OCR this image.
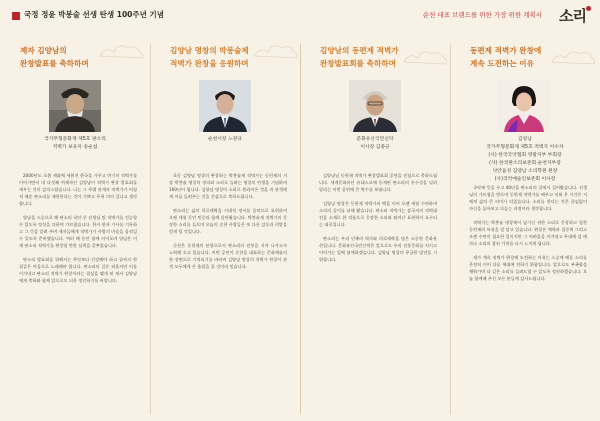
국정 정윤 박봉술 선생 탄생 100주년 기념	순천 대표 브랜드를 위한 가장 위한 계획서 소리
제자 김양남의
완창발표를 축하하며
국가무형문화재 제5호 판소리
적벽가 보유자 송순섭

2000년도 초봄 제화에 세워진 한국을 가꾸고 반기지 적벽가를 이어가면서 내 다섯째 여제자인 김양남이 적벽가 완창 발표회를 세우는 것이 감격스럽습니다. 나는 그 무렵 관계자 적벽가가 어릴 적 배운 판소리를 재현한다는 것이 기쁘고 무척 의미 깊다고 생각합니다.

양남을 스승으로 해 판소리 낙안 중 선생님 및 적벽가를 전승할 수 있도록 정성을 다하여 가르쳤습니다. 한자 한자 가사를 기록하고 그 뜻을 알려 주며 제자들에게 적벽가가 사람의 마음을 움직일 수 있도록 준비했습니다. 여러 해 동안 함께 이어오며 양남은 이제 판소리 적벽가를 완창할 만한 실력을 갖추었습니다.

판소리 발표회를 위해서는 무엇보다 건강해야 하고 끝까지 한결같은 마음으로 노래해야 합니다. 판소리의 길은 외롭지만 이를 이겨내고 판소리 적벽가 완창이라는 결실을 맺게 된 제자 김양남에게 축하와 함께 앞으로도 더욱 정진하기를 바랍니다.

김양남 명창의 박봉술제
적벽가 완창을 응원하며
순천시장 노관규

초동 김양남 명창의 완창하는 박봉술제 적벽가는 동편제의 거장 박봉술 명창의 정의와 소리로 들려는 명창의 탄생을 기념하며 100년이 됩니다. 김양남 명창이 소리로 불리어온 것을 과 관객에게 이를 들려주는 것을 진심으로 축하드립니다.

판소리는 삶의 희로애락을 시대적 정서를 음악으로 표현하며 오랜 세월 동안 민중과 함께 살아왔습니다. 박봉술제 적벽가의 웅장한 소리를 들으며 오늘의 순천 사람들은 또 다른 감동과 희망을 얻게 될 것입니다.

순천은 동편제의 본향으로서 판소리의 전통을 지켜 나가고자 노력해 오고 있습니다. 이번 공연이 순천을 대표하는 문화예술의 한 장면으로 기억되기를 바라며 김양남 명창의 적벽가 완창이 관객 모두에게 큰 울림을 줄 것이라 믿습니다.

김양남의 동편제 적벽가
완창발표회를 축하하며
문화유산국민신탁
이사장 김종규

김양남님 동편제 적벽가 완창발표회 공연을 진심으로 축하드립니다. 세계문화유산 유네스코에 등재된 판소리의 우수성을 널리 알리는 이번 공연에 큰 박수를 보냅니다.

김양남 명창은 동편제 적벽가의 맥을 이어 오랜 세월 수련하며 소리의 깊이를 더해 왔습니다. 판소리 적벽가는 삼국지의 적벽대전을 소재로 한 작품으로 웅장한 소리와 뛰어난 표현력이 요구되는 대곡입니다.

판소리는 우리 민족의 역사와 희로애락을 담은 소중한 문화유산입니다. 문화유산국민신탁은 앞으로도 우리 전통문화를 지키고 이어가는 일에 함께하겠습니다. 김양남 명창의 무궁한 발전을 기원합니다.

동편제 적벽가 완창에
계속 도전하는 이유
김양남
국가무형문화재 제5호 적벽가 이수자
(사) 한국국악협회 영광지부 부회장
(사) 한국판소리보존회 순천지부장
낙안읍성 김양남 소리학원 원장
(사)국악예술인보존회 이사장

국악에 뜻을 두고 40년을 판소리의 길에서 걸어왔습니다. 선생님의 가르침을 받으며 동편제 적벽가를 배우고 익혀 온 시간은 저에게 삶의 큰 의미가 되었습니다. 소리를 한다는 것은 끊임없이 자신을 돌아보고 다듬는 과정이라 생각합니다.

적벽가는 박봉술 명창께서 남기신 귀한 소리로 웅장하고 힘찬 동편제의 특징을 잘 담고 있습니다. 완창은 체력과 집중력 그리고 오랜 수련이 필요한 일이지만 그 어려움을 이겨내고 무대에 설 때마다 소리의 참된 가치를 다시 느끼게 됩니다.

제가 계속 적벽가 완창에 도전하는 이유는 스승께 배운 소리를 온전히 이어 다음 세대에 전하기 위함입니다. 앞으로도 부족함을 채워가며 더 깊은 소리를 들려드릴 수 있도록 정진하겠습니다. 오늘 함께해 주신 모든 분들께 감사드립니다.
